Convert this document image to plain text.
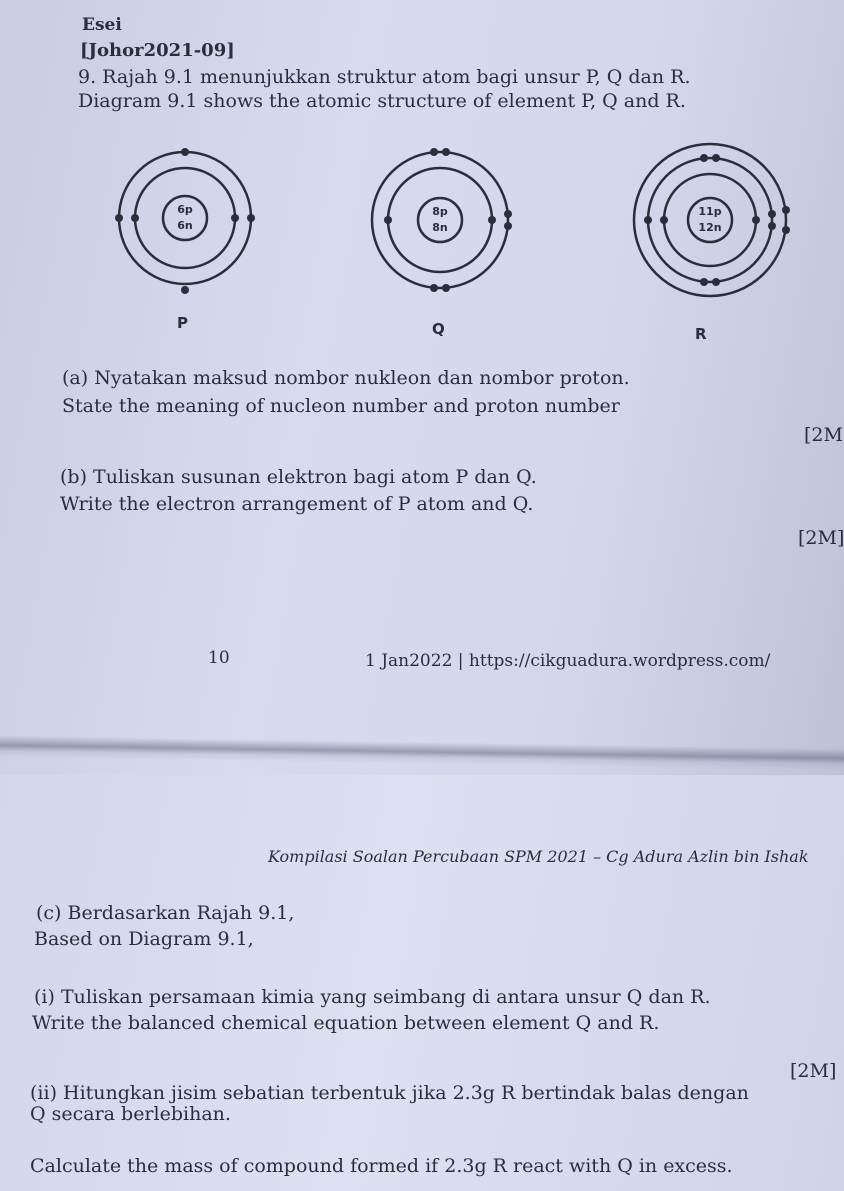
Esei
[Johor2021-09]
9. Rajah 9.1 menunjukkan struktur atom bagi unsur P, Q dan R.
Diagram 9.1 shows the atomic structure of element P, Q and R.
6p
6n
P
8p
8n
Q
11p
12n
R
(a) Nyatakan maksud nombor nukleon dan nombor proton.
State the meaning of nucleon number and proton number
[2M
(b) Tuliskan susunan elektron bagi atom P dan Q.
Write the electron arrangement of P atom and Q.
[2M]
10	1 Jan2022 | https://cikguadura.wordpress.com/
Kompilasi Soalan Percubaan SPM 2021 – Cg Adura Azlin bin Ishak
(c) Berdasarkan Rajah 9.1,
Based on Diagram 9.1,
(i) Tuliskan persamaan kimia yang seimbang di antara unsur Q dan R.
Write the balanced chemical equation between element Q and R.
[2M]
(ii) Hitungkan jisim sebatian terbentuk jika 2.3g R bertindak balas dengan
Q secara berlebihan.
Calculate the mass of compound formed if 2.3g R react with Q in excess.
